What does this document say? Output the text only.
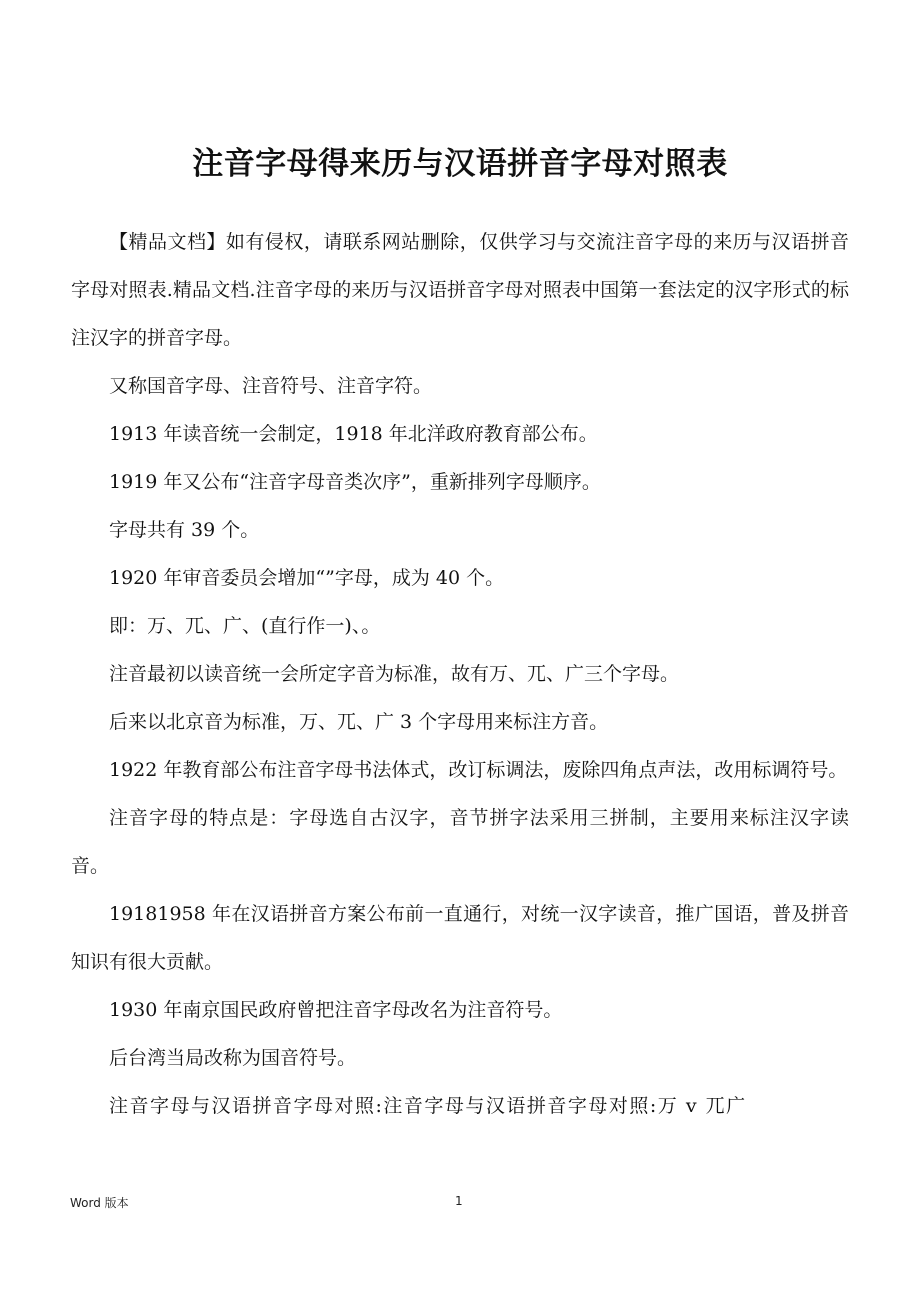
注音字母得来历与汉语拼音字母对照表

【精品文档】如有侵权，请联系网站删除，仅供学习与交流注音字母的来历与汉语拼音字母对照表.精品文档.注音字母的来历与汉语拼音字母对照表中国第一套法定的汉字形式的标注汉字的拼音字母。

又称国音字母、注音符号、注音字符。

1913 年读音统一会制定，1918 年北洋政府教育部公布。

1919 年又公布“注音字母音类次序”，重新排列字母顺序。

字母共有 39 个。

1920 年审音委员会增加“”字母，成为 40 个。

即：万、兀、广、(直行作一)、。

注音最初以读音统一会所定字音为标准，故有万、兀、广三个字母。

后来以北京音为标准，万、兀、广 3 个字母用来标注方音。

1922 年教育部公布注音字母书法体式，改订标调法，废除四角点声法，改用标调符号。

注音字母的特点是：字母选自古汉字，音节拼字法采用三拼制，主要用来标注汉字读音。

19181958 年在汉语拼音方案公布前一直通行，对统一汉字读音，推广国语，普及拼音知识有很大贡献。

1930 年南京国民政府曾把注音字母改名为注音符号。

后台湾当局改称为国音符号。

注音字母与汉语拼音字母对照:注音字母与汉语拼音字母对照:万 v 兀广

Word 版本	1
